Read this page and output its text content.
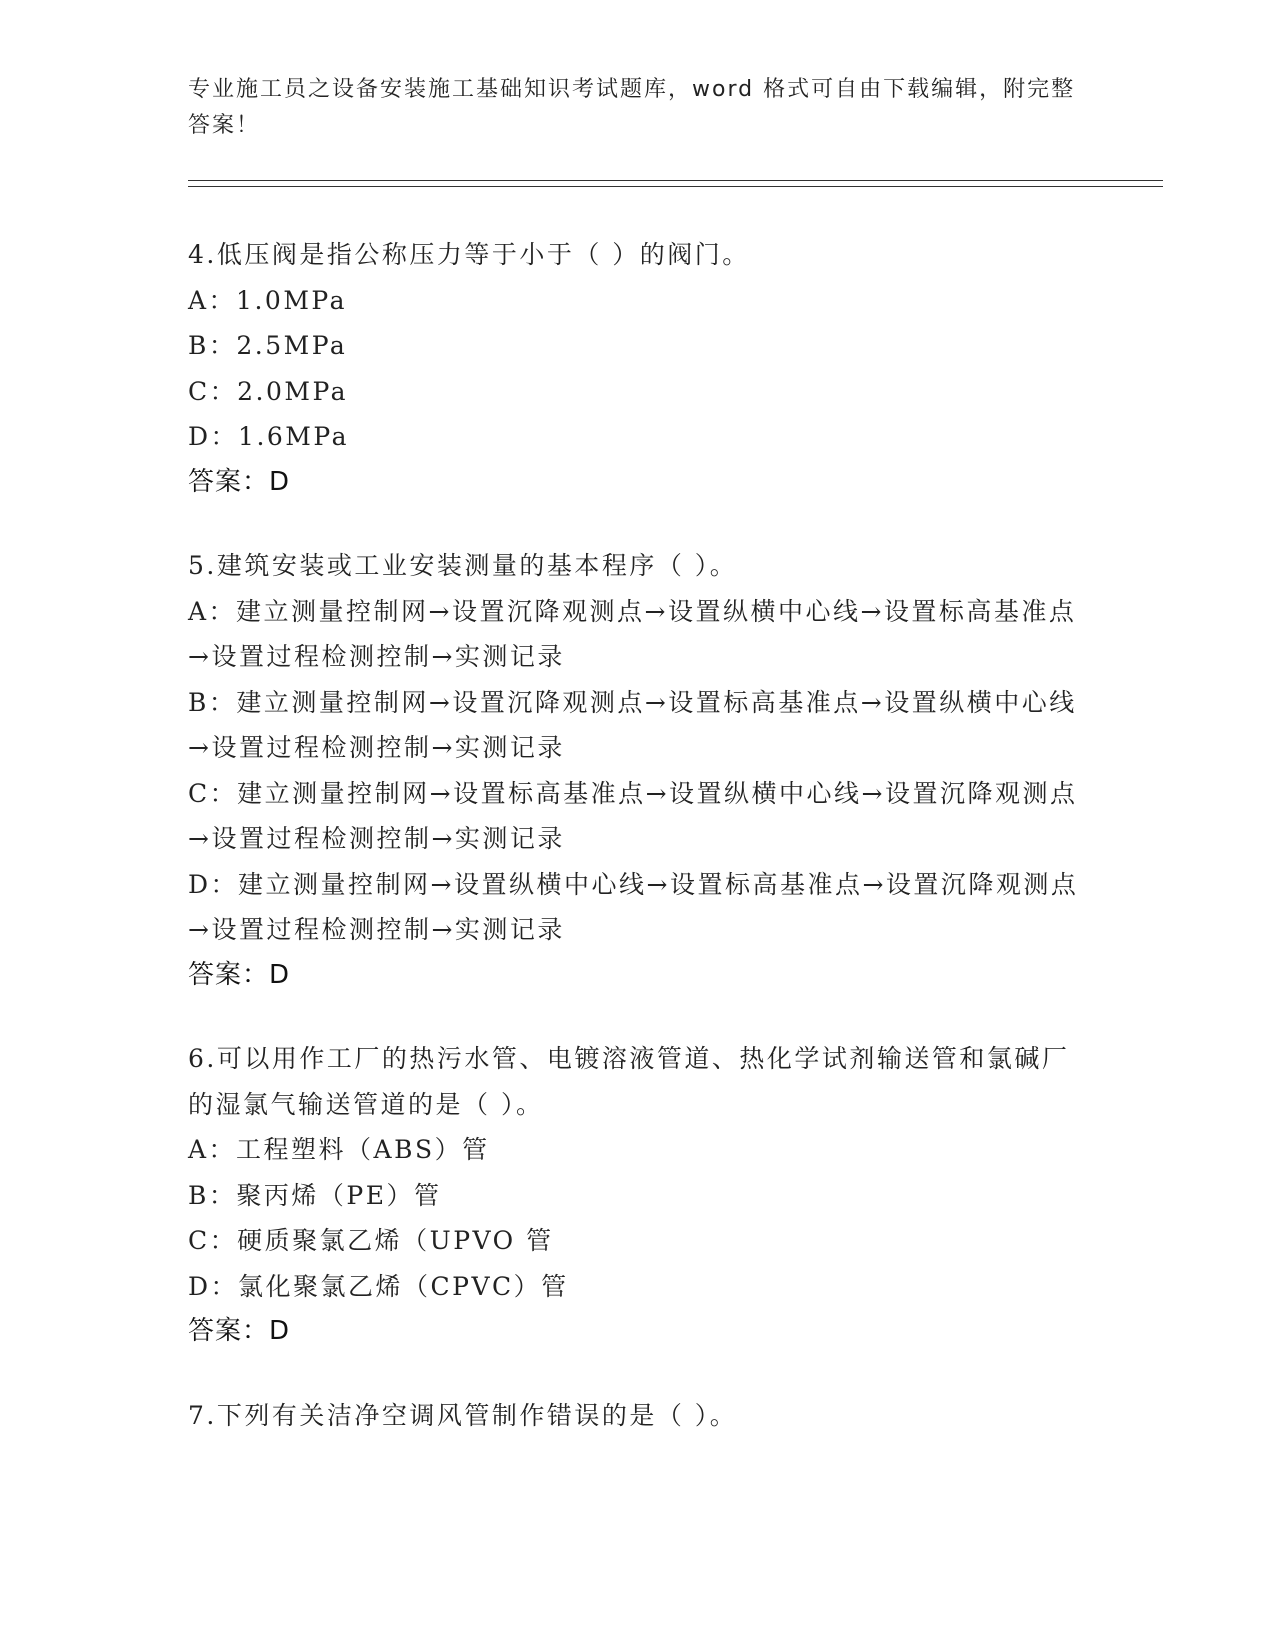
专业施工员之设备安装施工基础知识考试题库，word 格式可自由下载编辑，附完整答案！

4.低压阀是指公称压力等于小于（ ）的阀门。

A：1.0MPa

B：2.5MPa

C：2.0MPa

D：1.6MPa

答案：D

5.建筑安装或工业安装测量的基本程序（ ）。

A：建立测量控制网→设置沉降观测点→设置纵横中心线→设置标高基准点→设置过程检测控制→实测记录

B：建立测量控制网→设置沉降观测点→设置标高基准点→设置纵横中心线→设置过程检测控制→实测记录

C：建立测量控制网→设置标高基准点→设置纵横中心线→设置沉降观测点→设置过程检测控制→实测记录

D：建立测量控制网→设置纵横中心线→设置标高基准点→设置沉降观测点→设置过程检测控制→实测记录

答案：D

6.可以用作工厂的热污水管、电镀溶液管道、热化学试剂输送管和氯碱厂的湿氯气输送管道的是（ ）。

A：工程塑料（ABS）管

B：聚丙烯（PE）管

C：硬质聚氯乙烯（UPVO 管

D：氯化聚氯乙烯（CPVC）管

答案：D

7.下列有关洁净空调风管制作错误的是（ ）。
